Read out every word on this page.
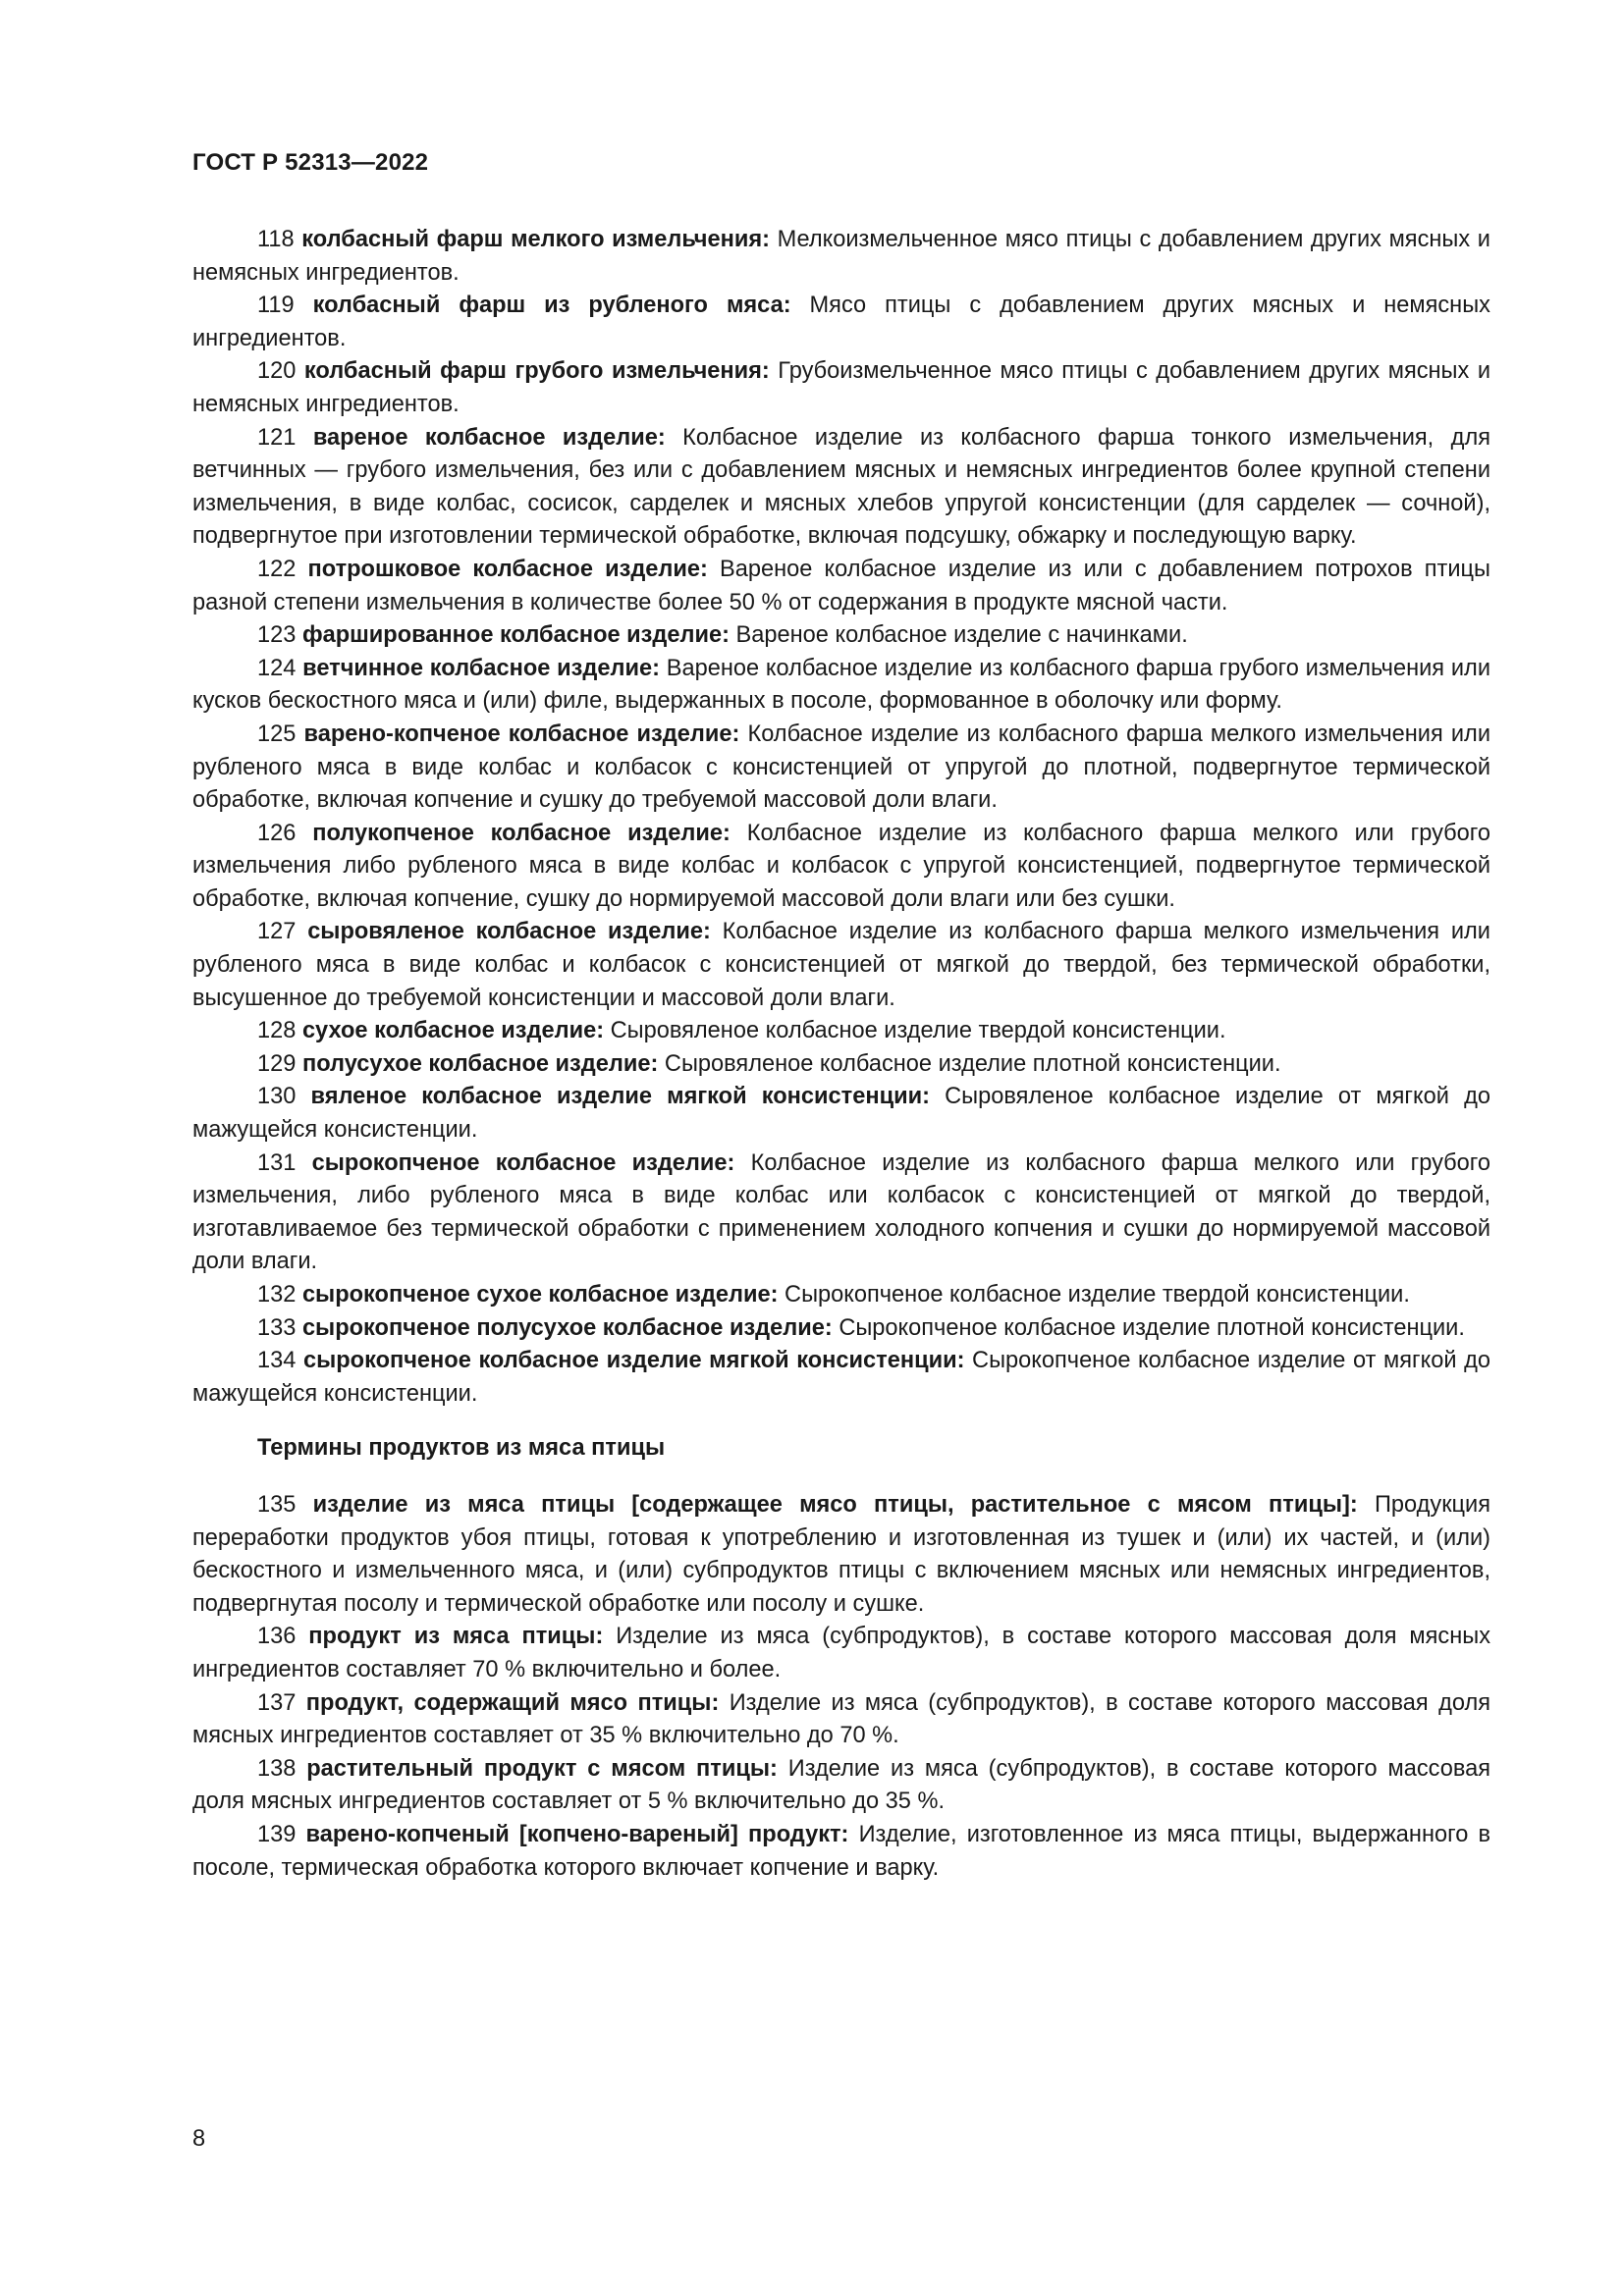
ГОСТ Р 52313—2022

118 колбасный фарш мелкого измельчения: Мелкоизмельченное мясо птицы с добавлением других мясных и немясных ингредиентов.

119 колбасный фарш из рубленого мяса: Мясо птицы с добавлением других мясных и немясных ингредиентов.

120 колбасный фарш грубого измельчения: Грубоизмельченное мясо птицы с добавлением других мясных и немясных ингредиентов.

121 вареное колбасное изделие: Колбасное изделие из колбасного фарша тонкого измельчения, для ветчинных — грубого измельчения, без или с добавлением мясных и немясных ингредиентов более крупной степени измельчения, в виде колбас, сосисок, сарделек и мясных хлебов упругой консистенции (для сарделек — сочной), подвергнутое при изготовлении термической обработке, включая подсушку, обжарку и последующую варку.

122 потрошковое колбасное изделие: Вареное колбасное изделие из или с добавлением потрохов птицы разной степени измельчения в количестве более 50 % от содержания в продукте мясной части.

123 фаршированное колбасное изделие: Вареное колбасное изделие с начинками.

124 ветчинное колбасное изделие: Вареное колбасное изделие из колбасного фарша грубого измельчения или кусков бескостного мяса и (или) филе, выдержанных в посоле, формованное в оболочку или форму.

125 варено-копченое колбасное изделие: Колбасное изделие из колбасного фарша мелкого измельчения или рубленого мяса в виде колбас и колбасок с консистенцией от упругой до плотной, подвергнутое термической обработке, включая копчение и сушку до требуемой массовой доли влаги.

126 полукопченое колбасное изделие: Колбасное изделие из колбасного фарша мелкого или грубого измельчения либо рубленого мяса в виде колбас и колбасок с упругой консистенцией, подвергнутое термической обработке, включая копчение, сушку до нормируемой массовой доли влаги или без сушки.

127 сыровяленое колбасное изделие: Колбасное изделие из колбасного фарша мелкого измельчения или рубленого мяса в виде колбас и колбасок с консистенцией от мягкой до твердой, без термической обработки, высушенное до требуемой консистенции и массовой доли влаги.

128 сухое колбасное изделие: Сыровяленое колбасное изделие твердой консистенции.

129 полусухое колбасное изделие: Сыровяленое колбасное изделие плотной консистенции.

130 вяленое колбасное изделие мягкой консистенции: Сыровяленое колбасное изделие от мягкой до мажущейся консистенции.

131 сырокопченое колбасное изделие: Колбасное изделие из колбасного фарша мелкого или грубого измельчения, либо рубленого мяса в виде колбас или колбасок с консистенцией от мягкой до твердой, изготавливаемое без термической обработки с применением холодного копчения и сушки до нормируемой массовой доли влаги.

132 сырокопченое сухое колбасное изделие: Сырокопченое колбасное изделие твердой консистенции.

133 сырокопченое полусухое колбасное изделие: Сырокопченое колбасное изделие плотной консистенции.

134 сырокопченое колбасное изделие мягкой консистенции: Сырокопченое колбасное изделие от мягкой до мажущейся консистенции.

Термины продуктов из мяса птицы

135 изделие из мяса птицы [содержащее мясо птицы, растительное с мясом птицы]: Продукция переработки продуктов убоя птицы, готовая к употреблению и изготовленная из тушек и (или) их частей, и (или) бескостного и измельченного мяса, и (или) субпродуктов птицы с включением мясных или немясных ингредиентов, подвергнутая посолу и термической обработке или посолу и сушке.

136 продукт из мяса птицы: Изделие из мяса (субпродуктов), в составе которого массовая доля мясных ингредиентов составляет 70 % включительно и более.

137 продукт, содержащий мясо птицы: Изделие из мяса (субпродуктов), в составе которого массовая доля мясных ингредиентов составляет от 35 % включительно до 70 %.

138 растительный продукт с мясом птицы: Изделие из мяса (субпродуктов), в составе которого массовая доля мясных ингредиентов составляет от 5 % включительно до 35 %.

139 варено-копченый [копчено-вареный] продукт: Изделие, изготовленное из мяса птицы, выдержанного в посоле, термическая обработка которого включает копчение и варку.

8
